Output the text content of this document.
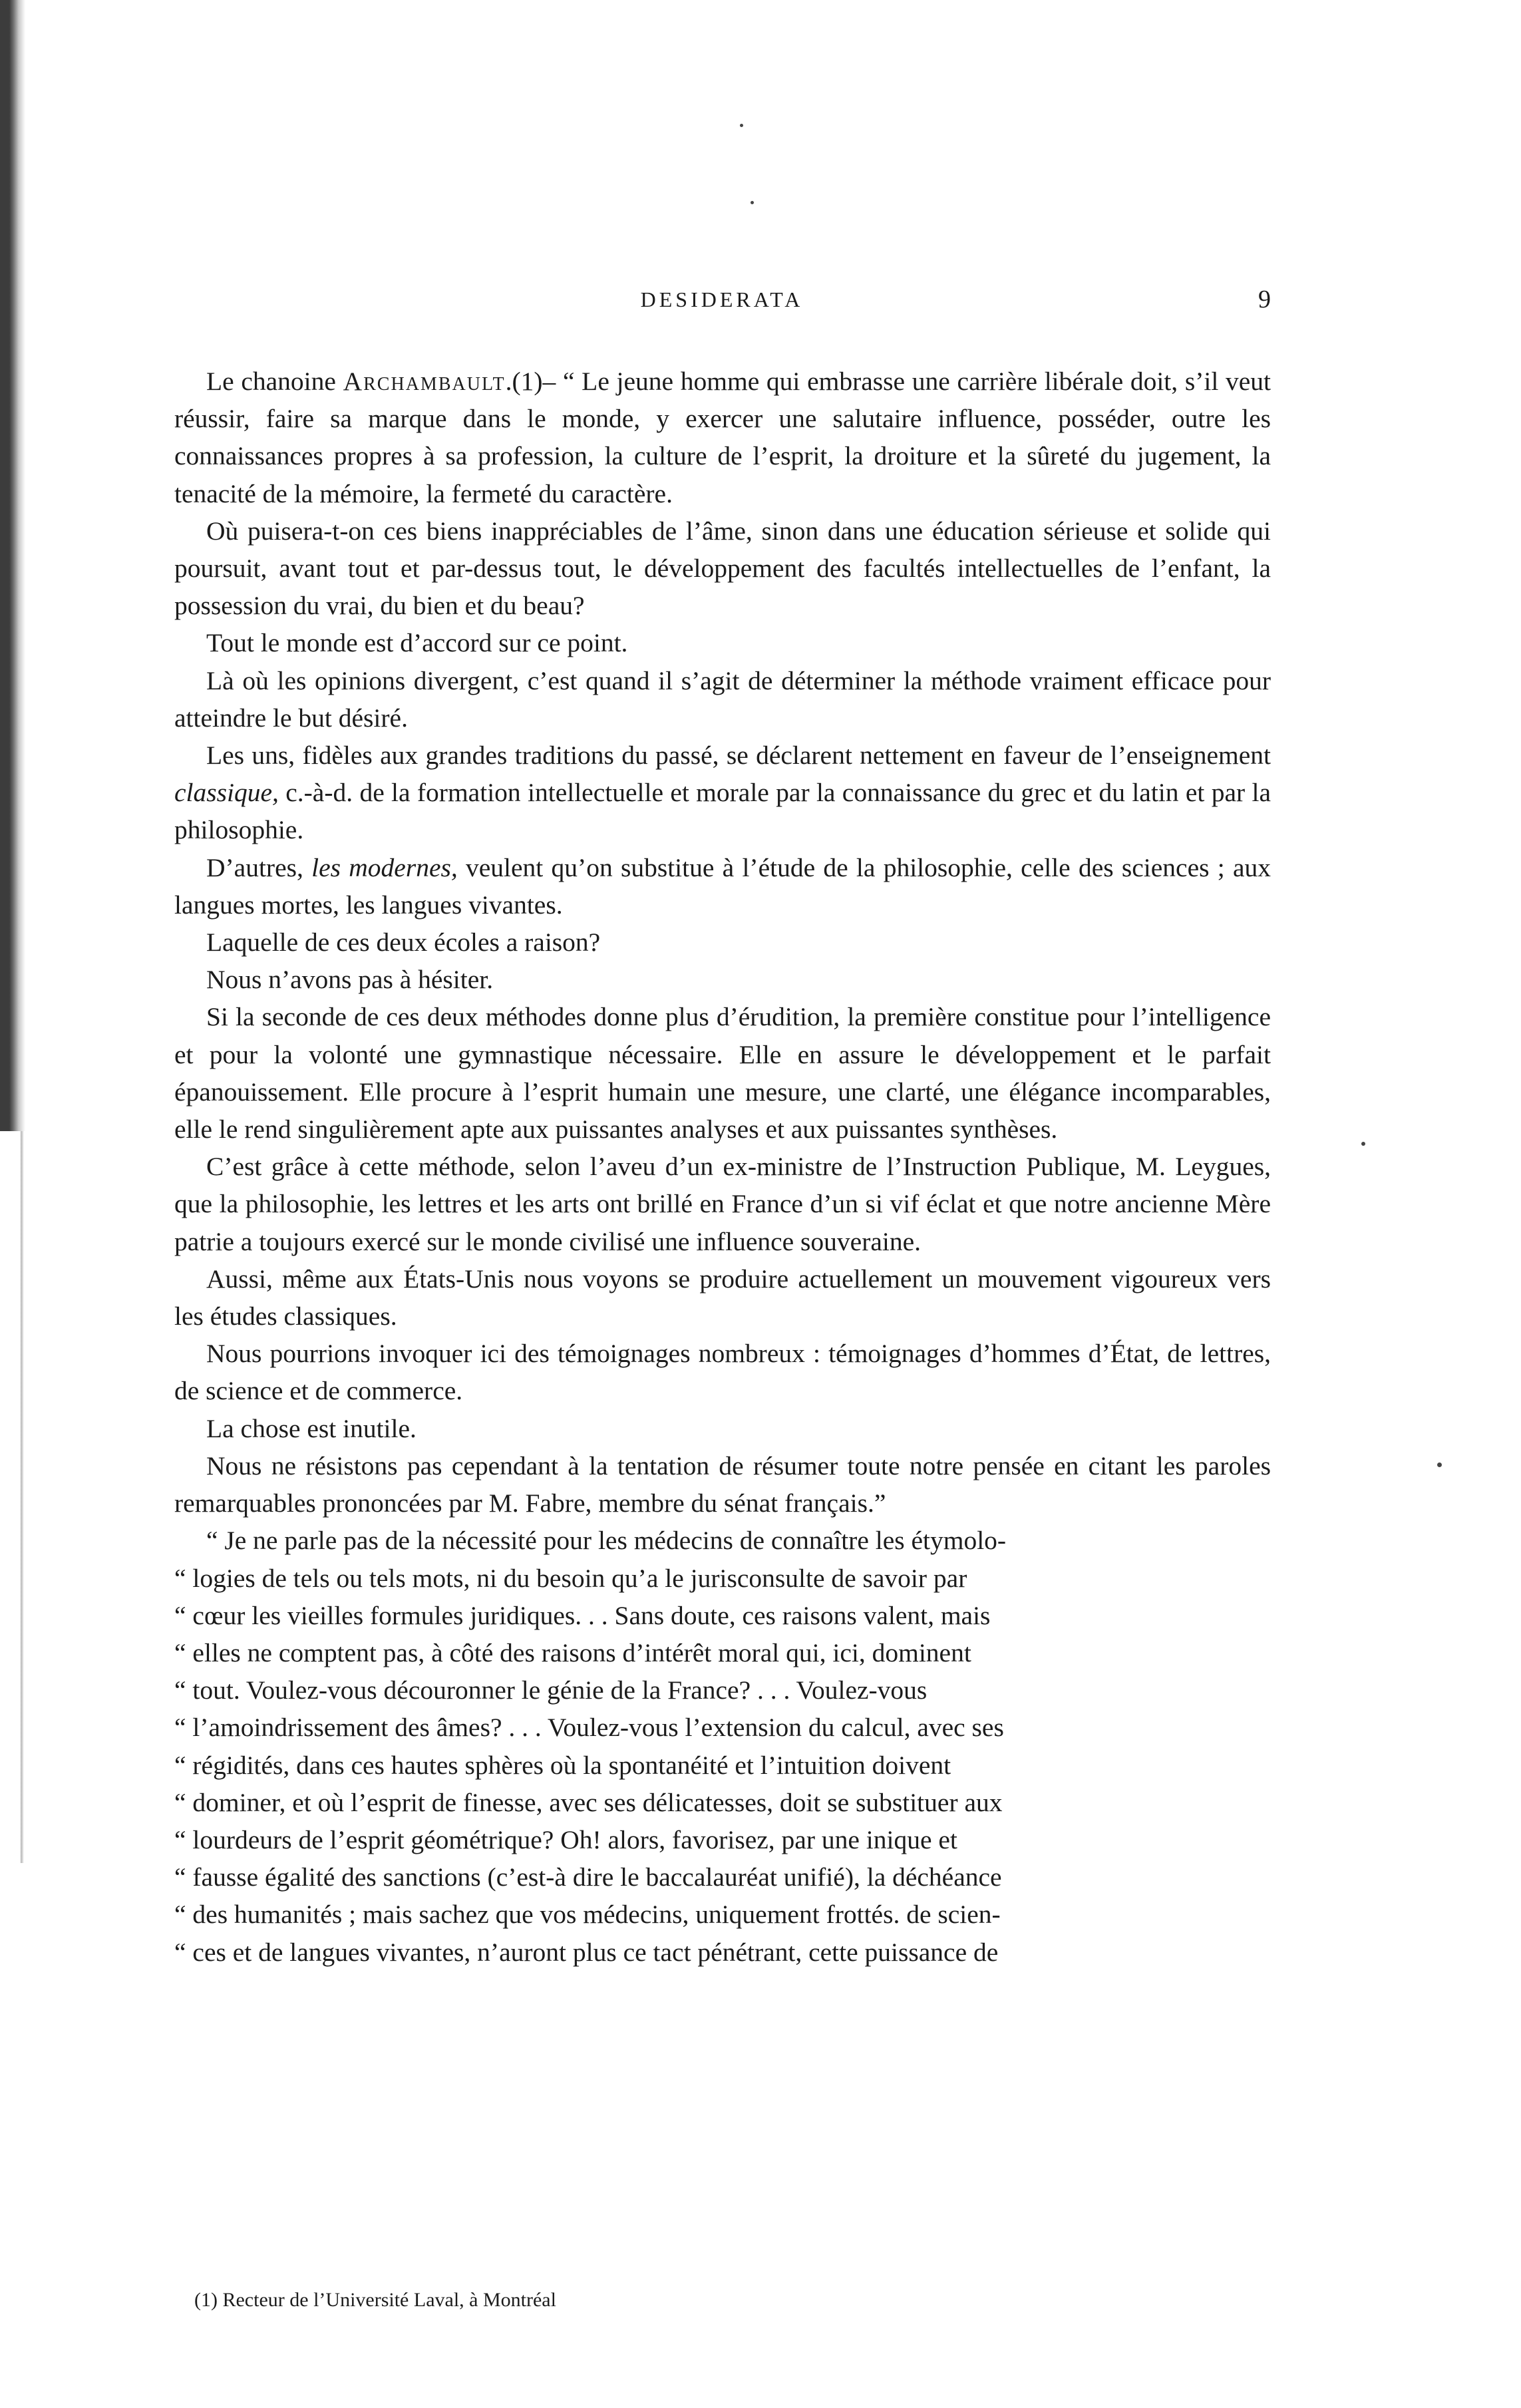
DESIDERATA	9

Le chanoine Archambault.(1)– “ Le jeune homme qui embrasse une carrière libérale doit, s’il veut réussir, faire sa marque dans le monde, y exercer une salutaire influence, posséder, outre les connaissances propres à sa profession, la culture de l’esprit, la droiture et la sûreté du jugement, la tenacité de la mémoire, la fermeté du caractère.

Où puisera-t-on ces biens inappréciables de l’âme, sinon dans une éducation sérieuse et solide qui poursuit, avant tout et par-dessus tout, le développement des facultés intellectuelles de l’enfant, la possession du vrai, du bien et du beau?

Tout le monde est d’accord sur ce point.

Là où les opinions divergent, c’est quand il s’agit de déterminer la méthode vraiment efficace pour atteindre le but désiré.

Les uns, fidèles aux grandes traditions du passé, se déclarent nettement en faveur de l’enseignement classique, c.-à-d. de la formation intellectuelle et morale par la connaissance du grec et du latin et par la philosophie.

D’autres, les modernes, veulent qu’on substitue à l’étude de la philosophie, celle des sciences ; aux langues mortes, les langues vivantes.

Laquelle de ces deux écoles a raison?

Nous n’avons pas à hésiter.

Si la seconde de ces deux méthodes donne plus d’érudition, la première constitue pour l’intelligence et pour la volonté une gymnastique nécessaire. Elle en assure le développement et le parfait épanouissement. Elle procure à l’esprit humain une mesure, une clarté, une élégance incomparables, elle le rend singulièrement apte aux puissantes analyses et aux puissantes synthèses.

C’est grâce à cette méthode, selon l’aveu d’un ex-ministre de l’Instruction Publique, M. Leygues, que la philosophie, les lettres et les arts ont brillé en France d’un si vif éclat et que notre ancienne Mère patrie a toujours exercé sur le monde civilisé une influence souveraine.

Aussi, même aux États-Unis nous voyons se produire actuellement un mouvement vigoureux vers les études classiques.

Nous pourrions invoquer ici des témoignages nombreux : témoignages d’hommes d’État, de lettres, de science et de commerce.

La chose est inutile.

Nous ne résistons pas cependant à la tentation de résumer toute notre pensée en citant les paroles remarquables prononcées par M. Fabre, membre du sénat français.”

“ Je ne parle pas de la nécessité pour les médecins de connaître les étymolo-

“ logies de tels ou tels mots, ni du besoin qu’a le jurisconsulte de savoir par

“ cœur les vieilles formules juridiques. . . Sans doute, ces raisons valent, mais

“ elles ne comptent pas, à côté des raisons d’intérêt moral qui, ici, dominent

“ tout. Voulez-vous découronner le génie de la France? . . . Voulez-vous

“ l’amoindrissement des âmes? . . . Voulez-vous l’extension du calcul, avec ses

“ régidités, dans ces hautes sphères où la spontanéité et l’intuition doivent

“ dominer, et où l’esprit de finesse, avec ses délicatesses, doit se substituer aux

“ lourdeurs de l’esprit géométrique? Oh! alors, favorisez, par une inique et

“ fausse égalité des sanctions (c’est-à dire le baccalauréat unifié), la déchéance

“ des humanités ; mais sachez que vos médecins, uniquement frottés. de scien-

“ ces et de langues vivantes, n’auront plus ce tact pénétrant, cette puissance de

(1) Recteur de l’Université Laval, à Montréal
